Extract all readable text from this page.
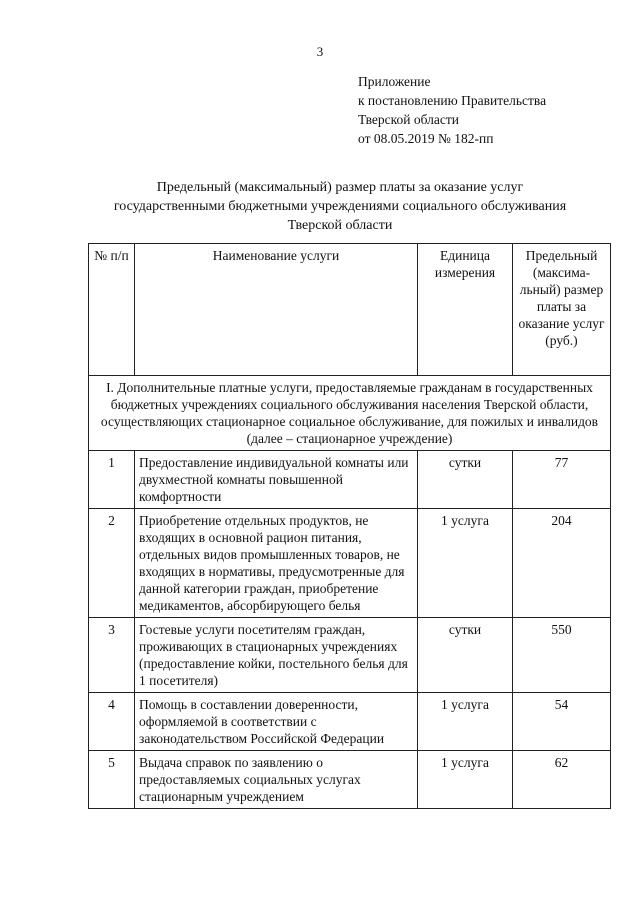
3
Приложение
к постановлению Правительства
Тверской области
от 08.05.2019 № 182-пп
Предельный (максимальный) размер платы за оказание услуг
государственными бюджетными учреждениями социального обслуживания
Тверской области
№ п/п	Наименование услуги	Единица измерения	Предельный (максима-льный) размер платы за оказание услуг (руб.)
I. Дополнительные платные услуги, предоставляемые гражданам в государственных бюджетных учреждениях социального обслуживания населения Тверской области, осуществляющих стационарное социальное обслуживание, для пожилых и инвалидов (далее – стационарное учреждение)			
1	Предоставление индивидуальной комнаты или двухместной комнаты повышенной комфортности	сутки	77
2	Приобретение отдельных продуктов, не входящих в основной рацион питания, отдельных видов промышленных товаров, не входящих в нормативы, предусмотренные для данной категории граждан, приобретение медикаментов, абсорбирующего белья	1 услуга	204
3	Гостевые услуги посетителям граждан, проживающих в стационарных учреждениях (предоставление койки, постельного белья для 1 посетителя)	сутки	550
4	Помощь в составлении доверенности, оформляемой в соответствии с законодательством Российской Федерации	1 услуга	54
5	Выдача справок по заявлению о предоставляемых социальных услугах стационарным учреждением	1 услуга	62
